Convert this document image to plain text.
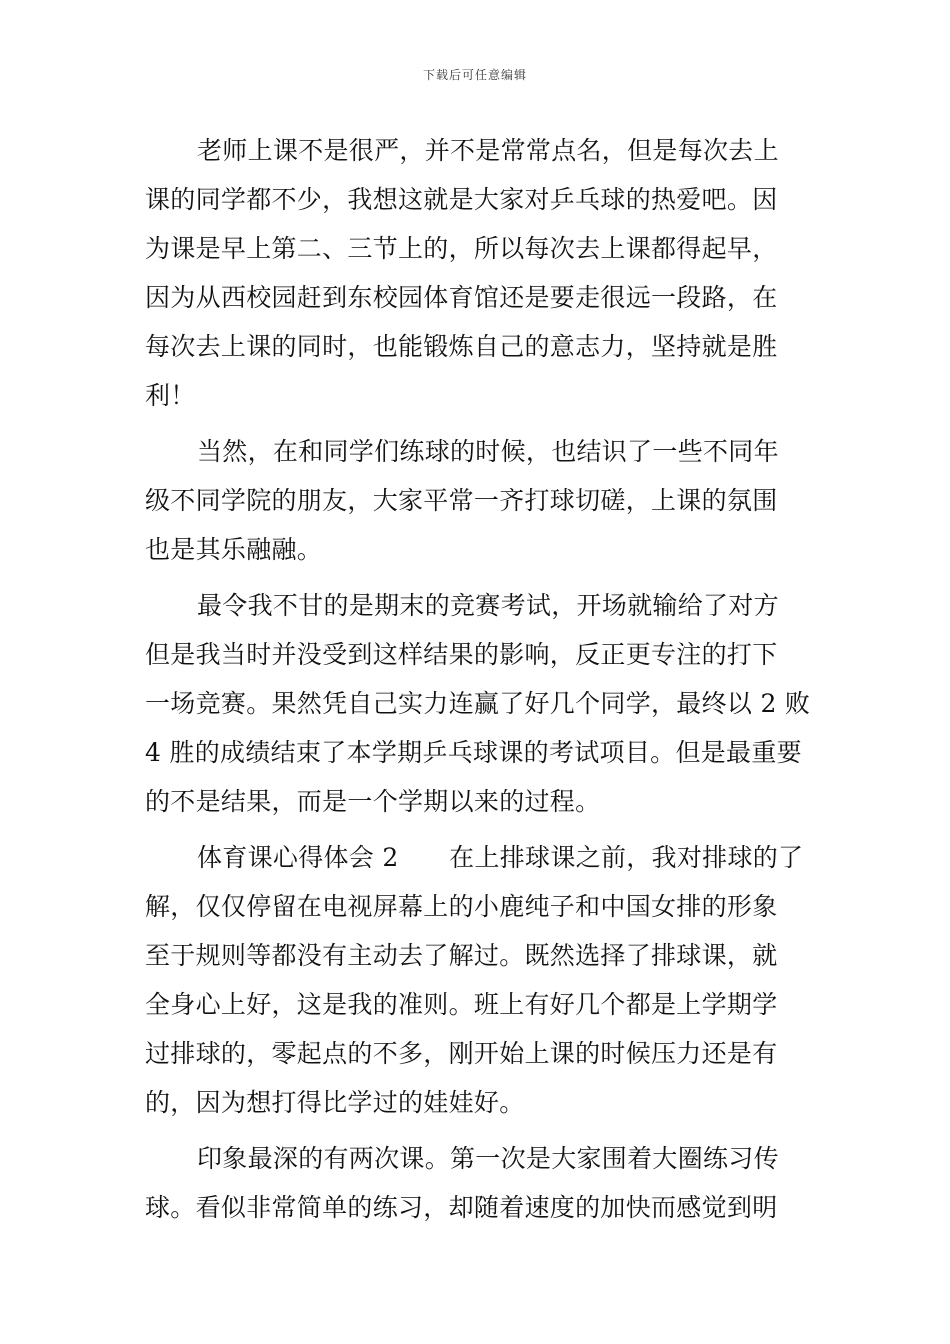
下载后可任意编辑
老师上课不是很严，并不是常常点名，但是每次去上
课的同学都不少，我想这就是大家对乒乓球的热爱吧。因
为课是早上第二、三节上的，所以每次去上课都得起早，
因为从西校园赶到东校园体育馆还是要走很远一段路，在
每次去上课的同时，也能锻炼自己的意志力，坚持就是胜
利！
当然，在和同学们练球的时候，也结识了一些不同年
级不同学院的朋友，大家平常一齐打球切磋，上课的氛围
也是其乐融融。
最令我不甘的是期末的竞赛考试，开场就输给了对方
但是我当时并没受到这样结果的影响，反正更专注的打下
一场竞赛。果然凭自己实力连赢了好几个同学，最终以 2 败
4 胜的成绩结束了本学期乒乓球课的考试项目。但是最重要
的不是结果，而是一个学期以来的过程。
体育课心得体会 2　　在上排球课之前，我对排球的了
解，仅仅停留在电视屏幕上的小鹿纯子和中国女排的形象
至于规则等都没有主动去了解过。既然选择了排球课，就
全身心上好，这是我的准则。班上有好几个都是上学期学
过排球的，零起点的不多，刚开始上课的时候压力还是有
的，因为想打得比学过的娃娃好。
印象最深的有两次课。第一次是大家围着大圈练习传
球。看似非常简单的练习，却随着速度的加快而感觉到明
